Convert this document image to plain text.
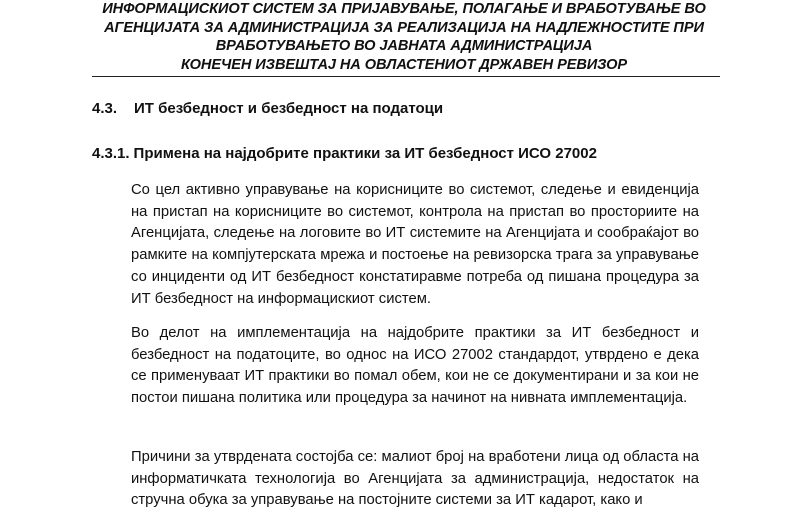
ИНФОРМАЦИСКИОТ СИСТЕМ ЗА ПРИЈАВУВАЊЕ, ПОЛАГАЊЕ И ВРАБОТУВАЊЕ ВО
АГЕНЦИЈАТА ЗА АДМИНИСТРАЦИЈА ЗА РЕАЛИЗАЦИЈА НА НАДЛЕЖНОСТИТЕ ПРИ
ВРАБОТУВАЊЕТО ВО ЈАВНАТА АДМИНИСТРАЦИЈА
КОНЕЧЕН ИЗВЕШТАЈ НА ОВЛАСТЕНИОТ ДРЖАВЕН РЕВИЗОР
4.3. ИТ безбедност и безбедност на податоци
4.3.1. Примена на најдобрите практики за ИТ безбедност ИСО 27002
Со цел активно управување на корисниците во системот, следење и евиденција на пристап на корисниците во системот, контрола на пристап во просториите на Агенцијата, следење на логовите во ИТ системите на Агенцијата и сообраќајот во рамките на компјутерската мрежа и постоење на ревизорска трага за управување со инциденти од ИТ безбедност констатиравме потреба од пишана процедура за ИТ безбедност на информацискиот систем.
Во делот на имплементација на најдобрите практики за ИТ безбедност и безбедност на податоците, во однос на ИСО 27002 стандардот, утврдено е дека се применуваат ИТ практики во помал обем, кои не се документирани и за кои не постои пишана политика или процедура за начинот на нивната имплементација.
Причини за утврдената состојба се: малиот број на вработени лица од областа на информатичката технологија во Агенцијата за администрација, недостаток на стручна обука за управување на постојните системи за ИТ кадарот, како и
